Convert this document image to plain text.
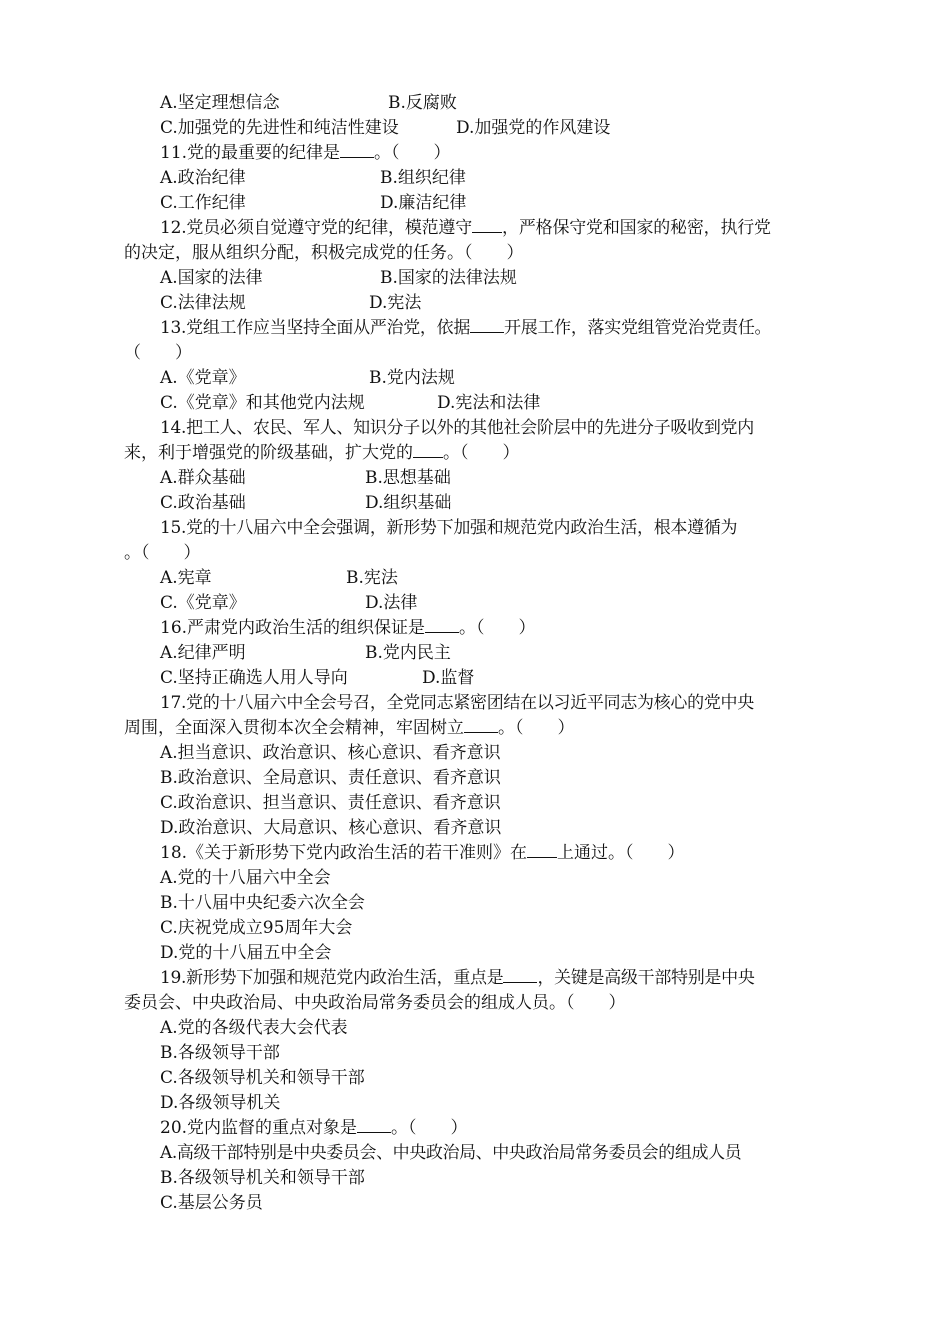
A.坚定理想信念	B.反腐败
C.加强党的先进性和纯洁性建设	D.加强党的作风建设
11.党的最重要的纪律是 。（　　）
A.政治纪律	B.组织纪律
C.工作纪律	D.廉洁纪律
12.党员必须自觉遵守党的纪律，模范遵守 ，严格保守党和国家的秘密，执行党
的决定，服从组织分配，积极完成党的任务。（　　）
A.国家的法律	B.国家的法律法规
C.法律法规	D.宪法
13.党组工作应当坚持全面从严治党，依据 开展工作，落实党组管党治党责任。
（　　）
A.《党章》	B.党内法规
C.《党章》和其他党内法规	D.宪法和法律
14.把工人、农民、军人、知识分子以外的其他社会阶层中的先进分子吸收到党内
来，利于增强党的阶级基础，扩大党的 。（　　）
A.群众基础	B.思想基础
C.政治基础	D.组织基础
15.党的十八届六中全会强调，新形势下加强和规范党内政治生活，根本遵循为
。（　　）
A.宪章	B.宪法
C.《党章》	D.法律
16.严肃党内政治生活的组织保证是 。（　　）
A.纪律严明	B.党内民主
C.坚持正确选人用人导向	D.监督
17.党的十八届六中全会号召，全党同志紧密团结在以习近平同志为核心的党中央
周围，全面深入贯彻本次全会精神，牢固树立 。（　　）
A.担当意识、政治意识、核心意识、看齐意识
B.政治意识、全局意识、责任意识、看齐意识
C.政治意识、担当意识、责任意识、看齐意识
D.政治意识、大局意识、核心意识、看齐意识
18.《关于新形势下党内政治生活的若干准则》在 上通过。（　　）
A.党的十八届六中全会
B.十八届中央纪委六次全会
C.庆祝党成立95周年大会
D.党的十八届五中全会
19.新形势下加强和规范党内政治生活，重点是 ，关键是高级干部特别是中央
委员会、中央政治局、中央政治局常务委员会的组成人员。（　　）
A.党的各级代表大会代表
B.各级领导干部
C.各级领导机关和领导干部
D.各级领导机关
20.党内监督的重点对象是 。（　　）
A.高级干部特别是中央委员会、中央政治局、中央政治局常务委员会的组成人员
B.各级领导机关和领导干部
C.基层公务员
